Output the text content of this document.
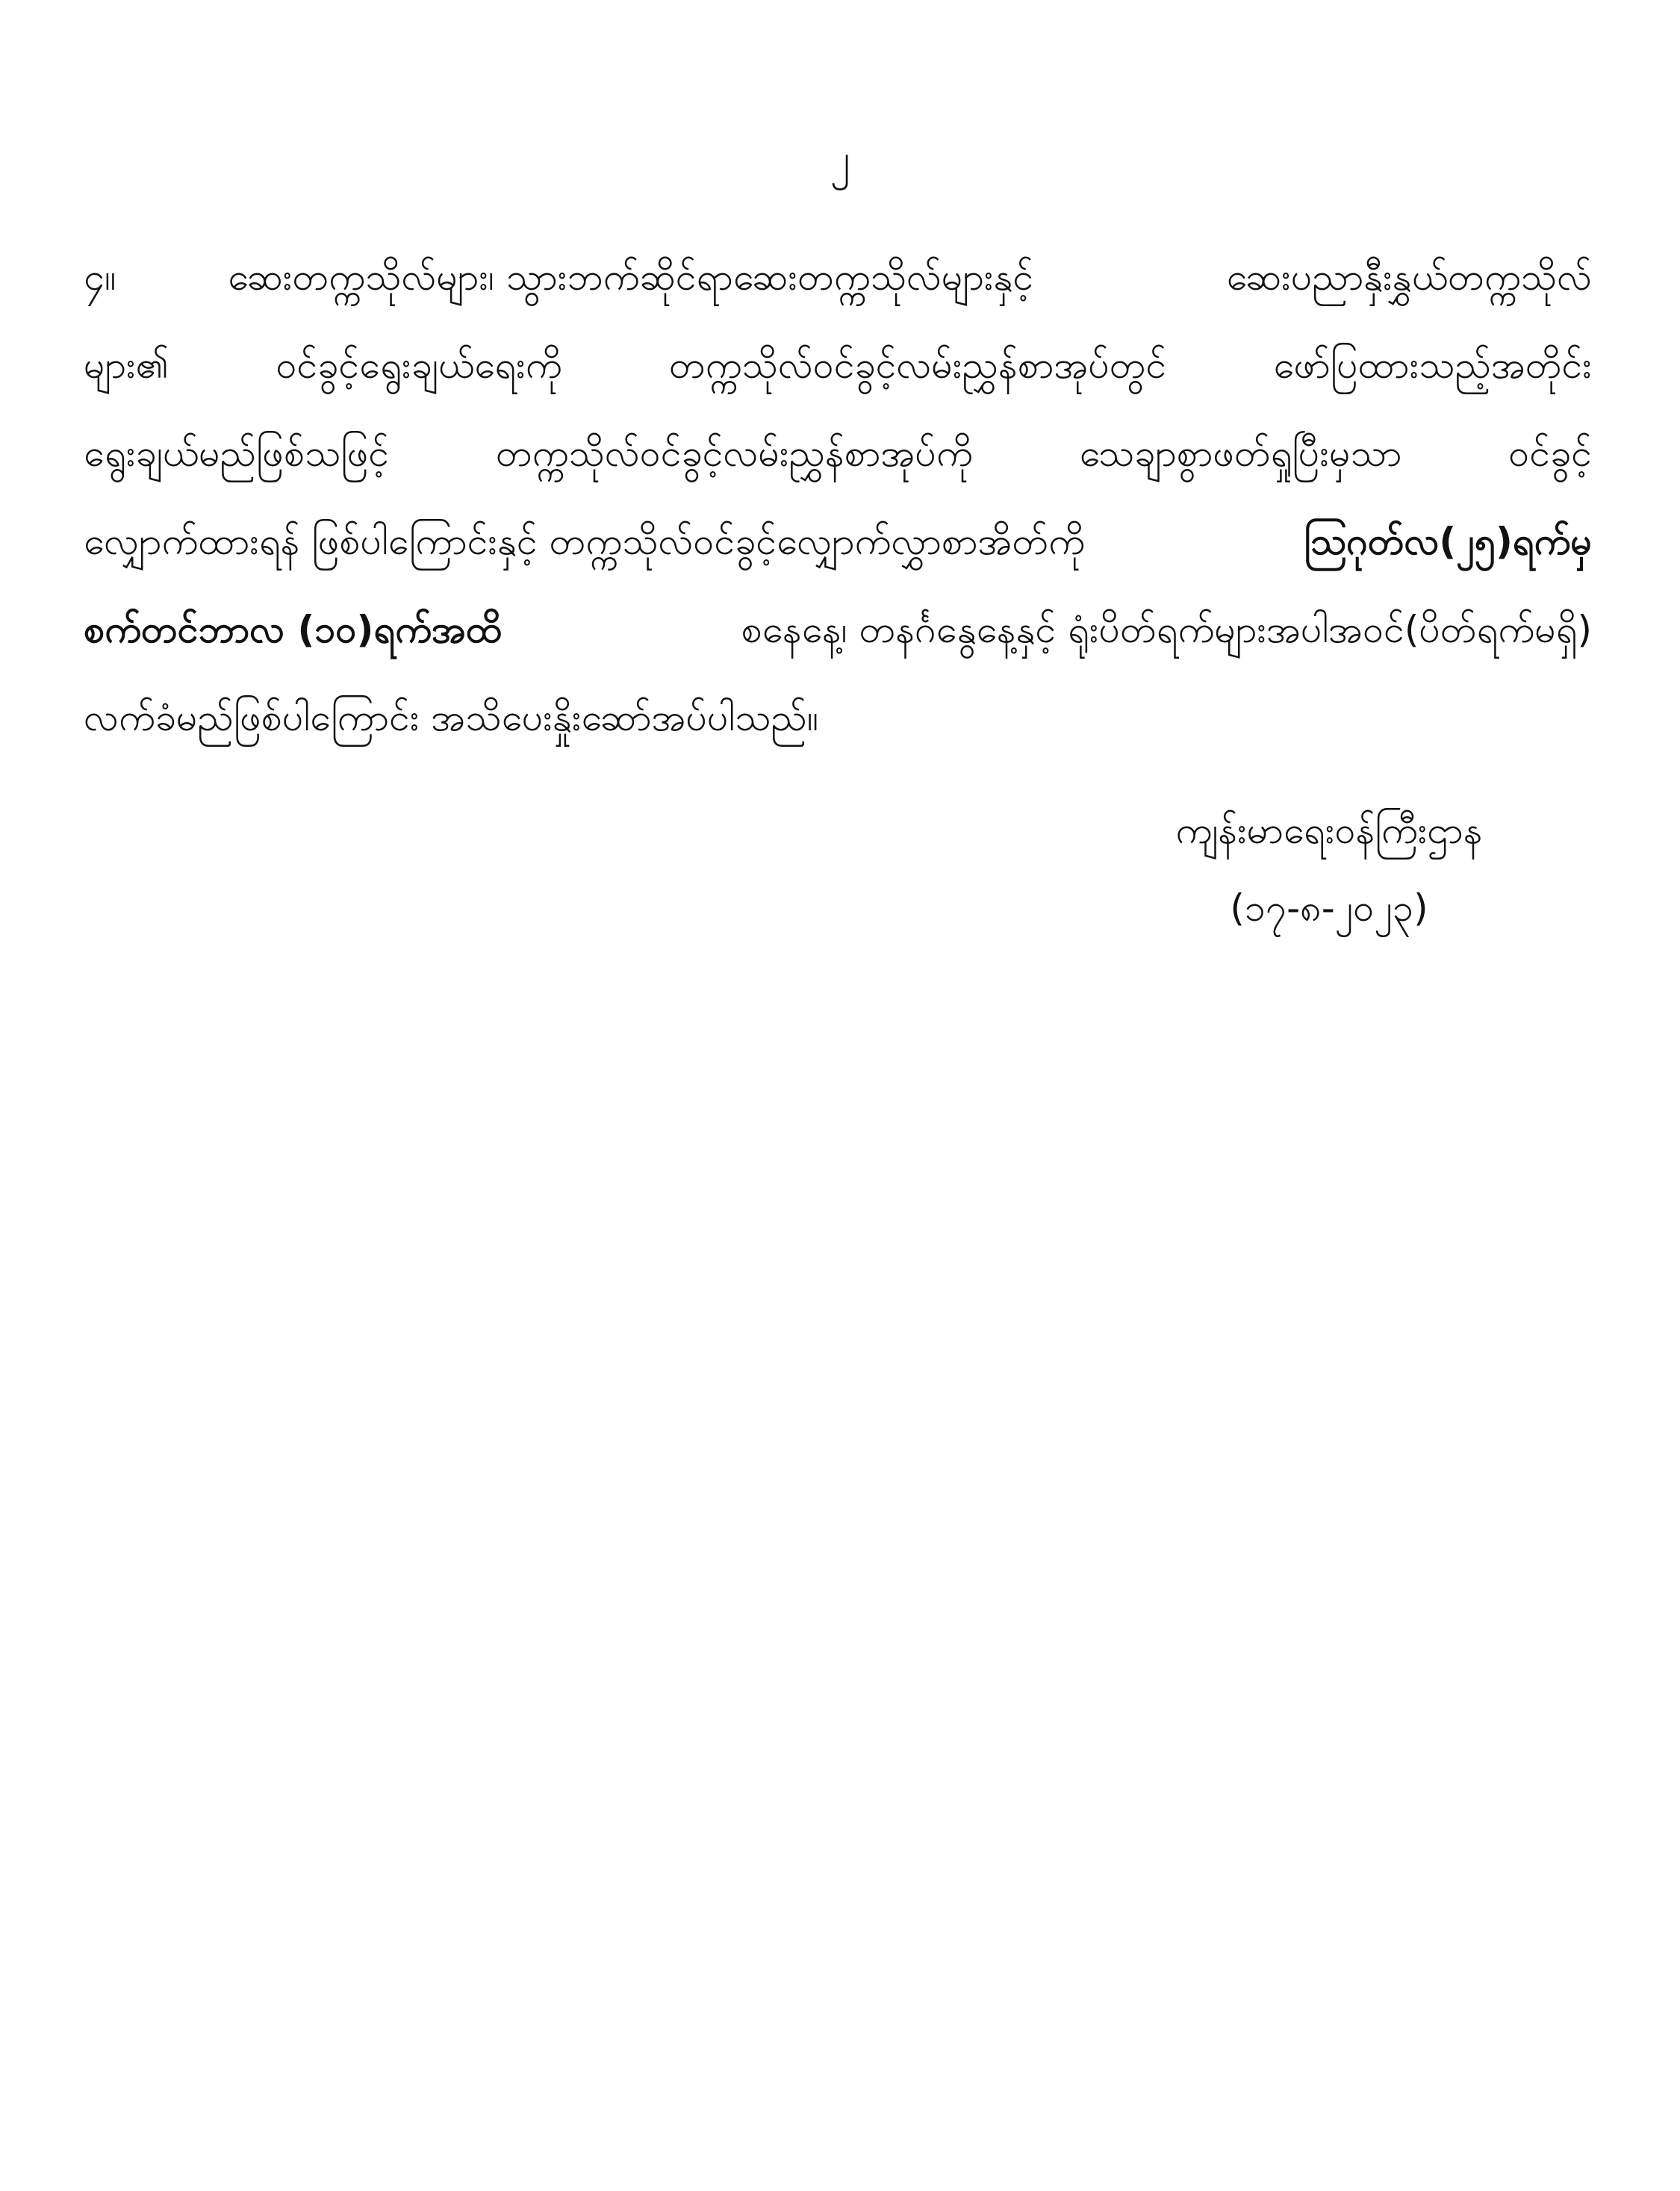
၂
၄။	ဆေးတက္ကသိုလ်များ၊ သွားဘက်ဆိုင်ရာဆေးတက္ကသိုလ်များနှင့်	ဆေးပညာနှီးနွှယ်တက္ကသိုလ်
များ၏	ဝင်ခွင့်ရွေးချယ်ရေးကို	တက္ကသိုလ်ဝင်ခွင့်လမ်းညွှန်စာအုပ်တွင်	ဖော်ပြထားသည့်အတိုင်း
ရွေးချယ်မည်ဖြစ်သဖြင့်	တက္ကသိုလ်ဝင်ခွင့်လမ်းညွှန်စာအုပ်ကို	သေချာစွာဖတ်ရှုပြီးမှသာ	ဝင်ခွင့်
လျှောက်ထားရန် ဖြစ်ပါကြောင်းနှင့် တက္ကသိုလ်ဝင်ခွင့်လျှောက်လွှာစာအိတ်ကို	ဩဂုတ်လ(၂၅)ရက်မှ
စက်တင်ဘာလ (၁၀)ရက်အထိ	စနေနေ့၊ တနင်္ဂနွေနေ့နှင့် ရုံးပိတ်ရက်များအပါအဝင်(ပိတ်ရက်မရှိ)
လက်ခံမည်ဖြစ်ပါကြောင်း အသိပေးနှိုးဆော်အပ်ပါသည်။
ကျန်းမာရေးဝန်ကြီးဌာန
(၁၇-၈-၂၀၂၃)
